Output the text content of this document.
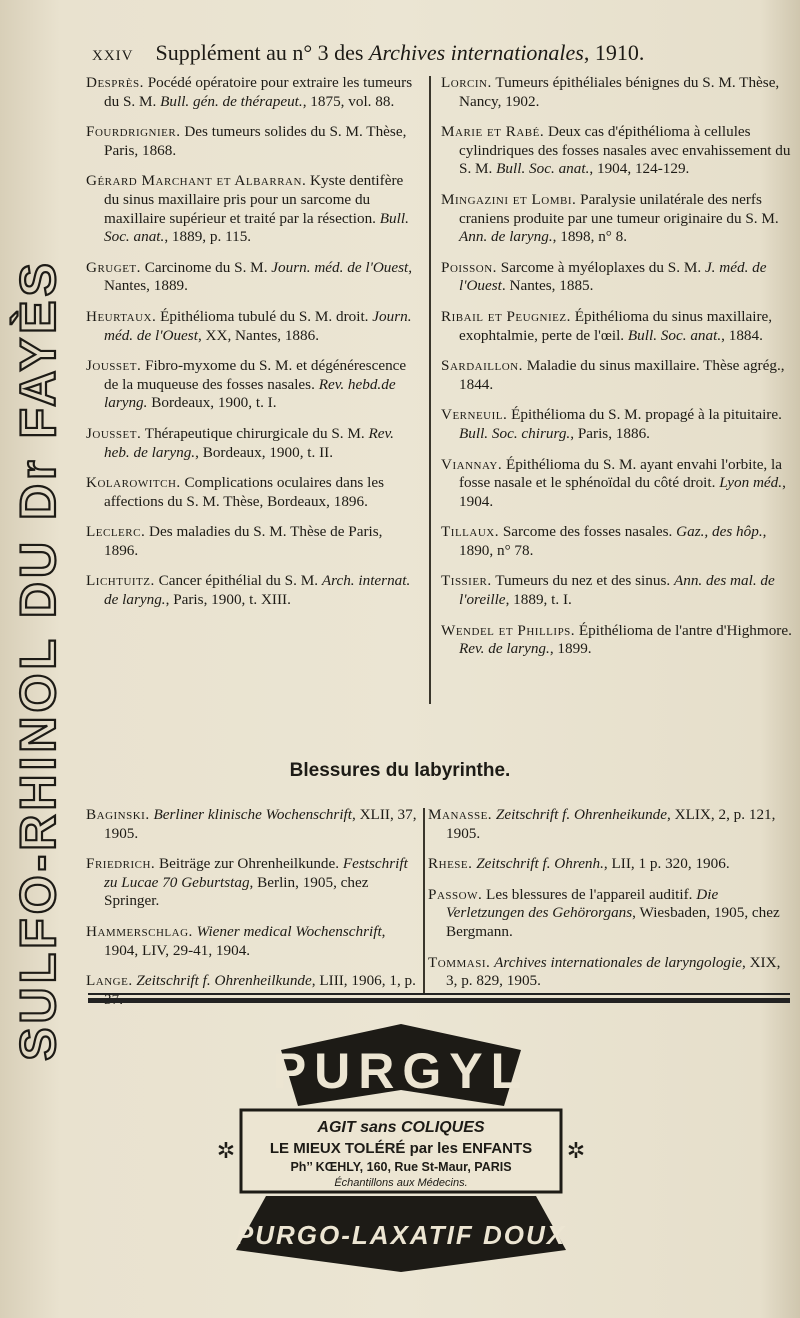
SULFO-RHINOL DU Dr FAYÈS
XXIV Supplément au n° 3 des Archives internationales, 1910.

Desprès. Pocédé opératoire pour extraire les tumeurs du S. M. Bull. gén. de thérapeut., 1875, vol. 88.

Fourdrignier. Des tumeurs solides du S. M. Thèse, Paris, 1868.

Gérard Marchant et Albarran. Kyste dentifère du sinus maxillaire pris pour un sarcome du maxillaire supérieur et traité par la résection. Bull. Soc. anat., 1889, p. 115.

Gruget. Carcinome du S. M. Journ. méd. de l'Ouest, Nantes, 1889.

Heurtaux. Épithélioma tubulé du S. M. droit. Journ. méd. de l'Ouest, XX, Nantes, 1886.

Jousset. Fibro-myxome du S. M. et dégénérescence de la muqueuse des fosses nasales. Rev. hebd.de laryng. Bordeaux, 1900, t. I.

Jousset. Thérapeutique chirurgicale du S. M. Rev. heb. de laryng., Bordeaux, 1900, t. II.

Kolarowitch. Complications oculaires dans les affections du S. M. Thèse, Bordeaux, 1896.

Leclerc. Des maladies du S. M. Thèse de Paris, 1896.

Lichtuitz. Cancer épithélial du S. M. Arch. internat. de laryng., Paris, 1900, t. XIII.

Lorcin. Tumeurs épithéliales bénignes du S. M. Thèse, Nancy, 1902.

Marie et Rabé. Deux cas d'épithélioma à cellules cylindriques des fosses nasales avec envahissement du S. M. Bull. Soc. anat., 1904, 124-129.

Mingazini et Lombi. Paralysie unilatérale des nerfs craniens produite par une tumeur originaire du S. M. Ann. de laryng., 1898, n° 8.

Poisson. Sarcome à myéloplaxes du S. M. J. méd. de l'Ouest. Nantes, 1885.

Ribail et Peugniez. Épithélioma du sinus maxillaire, exophtalmie, perte de l'œil. Bull. Soc. anat., 1884.

Sardaillon. Maladie du sinus maxillaire. Thèse agrég., 1844.

Verneuil. Épithélioma du S. M. propagé à la pituitaire. Bull. Soc. chirurg., Paris, 1886.

Viannay. Épithélioma du S. M. ayant envahi l'orbite, la fosse nasale et le sphénoïdal du côté droit. Lyon méd., 1904.

Tillaux. Sarcome des fosses nasales. Gaz., des hôp., 1890, n° 78.

Tissier. Tumeurs du nez et des sinus. Ann. des mal. de l'oreille, 1889, t. I.

Wendel et Phillips. Épithélioma de l'antre d'Highmore. Rev. de laryng., 1899.

Blessures du labyrinthe.

Baginski. Berliner klinische Wochenschrift, XLII, 37, 1905.

Friedrich. Beiträge zur Ohrenheilkunde. Festschrift zu Lucae 70 Geburtstag, Berlin, 1905, chez Springer.

Hammerschlag. Wiener medical Wochenschrift, 1904, LIV, 29-41, 1904.

Lange. Zeitschrift f. Ohrenheilkunde, LIII, 1906, 1, p.

Manasse. Zeitschrift f. Ohrenheikunde, XLIX, 2, p. 121, 1905.

Rhese. Zeitschrift f. Ohrenh., LII, 1 p. 320, 1906.

Passow. Les blessures de l'appareil auditif. Die Verletzungen des Gehörorgans, Wiesbaden, 1905, chez Bergmann.

Tommasi. Archives internationales de laryngologie, XIX, 3, p. 829, 1905.

PURGYL
AGIT sans COLIQUES
LE MIEUX TOLÉRÉ par les ENFANTS
Ph’’ KŒHLY, 160, Rue St-Maur, PARIS
Échantillons aux Médecins.
✲	✲
PURGO-LAXATIF DOUX
